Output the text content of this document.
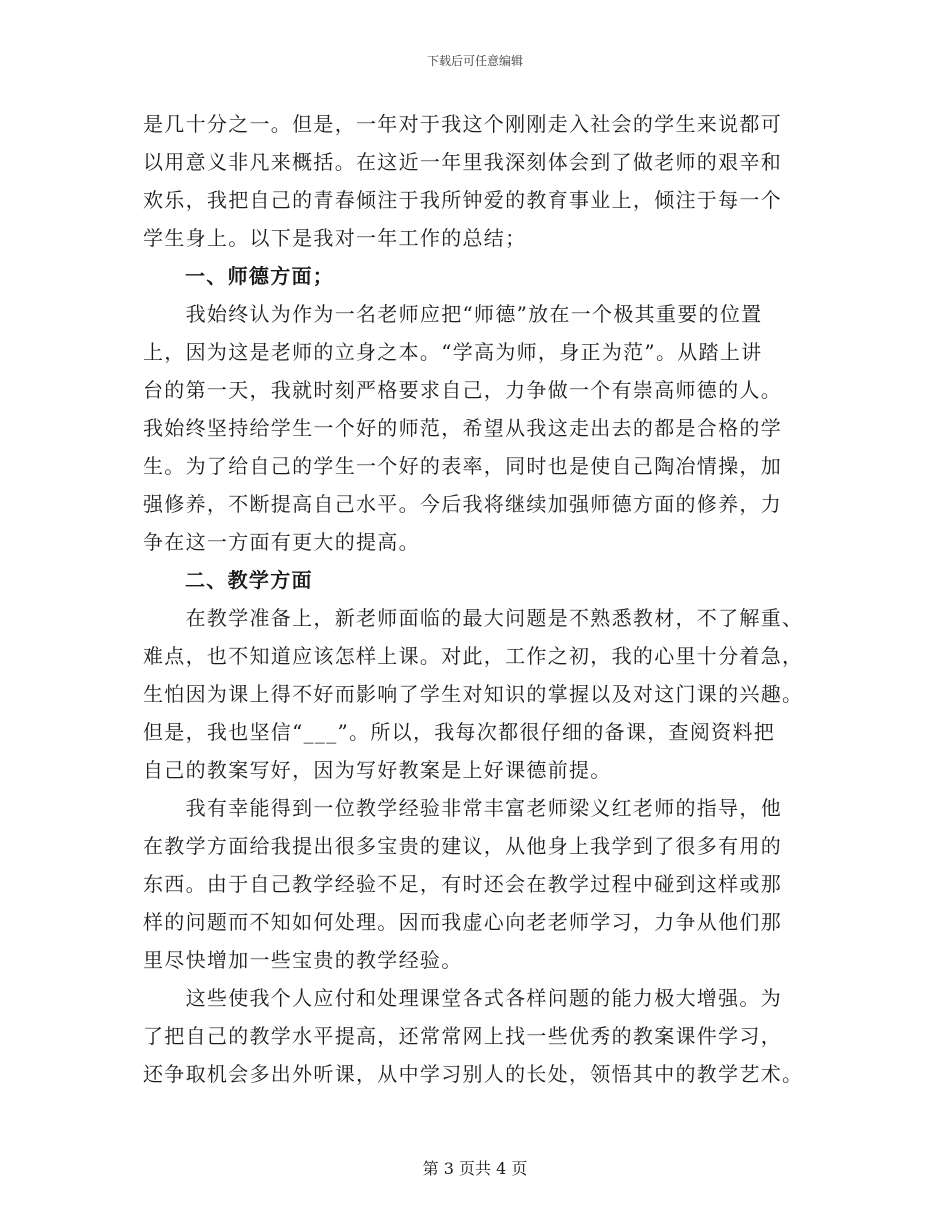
下载后可任意编辑
是几十分之一。但是，一年对于我这个刚刚走入社会的学生来说都可
以用意义非凡来概括。在这近一年里我深刻体会到了做老师的艰辛和
欢乐，我把自己的青春倾注于我所钟爱的教育事业上，倾注于每一个
学生身上。以下是我对一年工作的总结；
一、师德方面；
　　我始终认为作为一名老师应把“师德”放在一个极其重要的位置
上，因为这是老师的立身之本。“学高为师，身正为范”。从踏上讲
台的第一天，我就时刻严格要求自己，力争做一个有崇高师德的人。
我始终坚持给学生一个好的师范，希望从我这走出去的都是合格的学
生。为了给自己的学生一个好的表率，同时也是使自己陶冶情操，加
强修养，不断提高自己水平。今后我将继续加强师德方面的修养，力
争在这一方面有更大的提高。
二、教学方面
　　在教学准备上，新老师面临的最大问题是不熟悉教材，不了解重、
难点，也不知道应该怎样上课。对此，工作之初，我的心里十分着急，
生怕因为课上得不好而影响了学生对知识的掌握以及对这门课的兴趣。
但是，我也坚信“___”。所以，我每次都很仔细的备课，查阅资料把
自己的教案写好，因为写好教案是上好课德前提。
　　我有幸能得到一位教学经验非常丰富老师梁义红老师的指导，他
在教学方面给我提出很多宝贵的建议，从他身上我学到了很多有用的
东西。由于自己教学经验不足，有时还会在教学过程中碰到这样或那
样的问题而不知如何处理。因而我虚心向老老师学习，力争从他们那
里尽快增加一些宝贵的教学经验。
　　这些使我个人应付和处理课堂各式各样问题的能力极大增强。为
了把自己的教学水平提高，还常常网上找一些优秀的教案课件学习，
还争取机会多出外听课，从中学习别人的长处，领悟其中的教学艺术。
第 3 页共 4 页
